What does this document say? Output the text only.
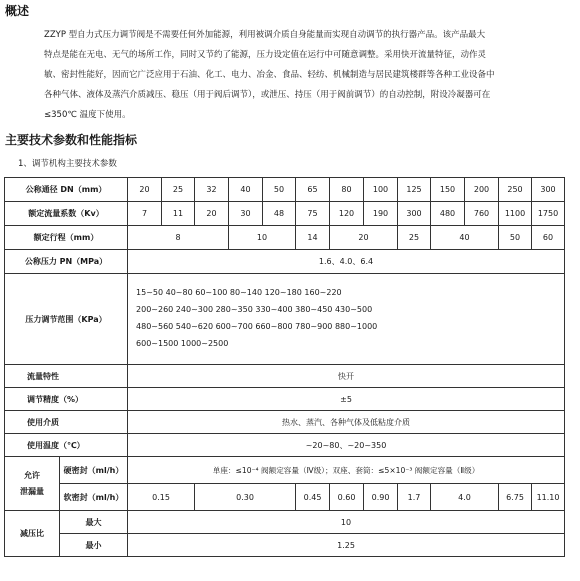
概述

ZZYP 型自力式压力调节阀是不需要任何外加能源，利用被调介质自身能量而实现自动调节的执行器产品。该产品最大

特点是能在无电、无气的场所工作，同时又节约了能源，压力设定值在运行中可随意调整。采用快开流量特征，动作灵

敏、密封性能好，因而它广泛应用于石油、化工、电力、冶金、食品、轻纺、机械制造与居民建筑楼群等各种工业设备中

各种气体、液体及蒸汽介质减压、稳压（用于阀后调节），或泄压、持压（用于阀前调节）的自动控制，附设冷凝器可在

≤350℃ 温度下使用。

主要技术参数和性能指标
1、调节机构主要技术参数
公称通径 DN（mm）		20	25	32	40	50	65	80	100	125	150	200	250	300	
额定流量系数（Kv）		7	11	20	30	48	75	120	190	300	480	760	1100	1750	
额定行程（mm）		8			10		14	20		25	40		50	60	
公称压力 PN（MPa）		1.6、4.0、6.4													
压力调节范围（KPa）		15~50 40~80 60~100 80~140 120~180 160~220
200~260 240~300 280~350 330~400 380~450 430~500
480~560 540~620 600~700 660~800 780~900 880~1000
600~1500 1000~2500													

流量特性		快开													
调节精度（%）		±5													
使用介质		热水、蒸汽、各种气体及低粘度介质													
使用温度（℃）		~20~80、~20~350													

允许
泄漏量	硬密封（ml/h）	单座：≤10⁻⁴ 阀额定容量（Ⅳ级）；双座、套筒：≤5×10⁻³ 阀额定容量（Ⅱ级）													
	软密封（ml/h）	0.15		0.30			0.45	0.60	0.90	1.7	4.0		6.75	11.10	
减压比	最大	10													
	最小	1.25													
